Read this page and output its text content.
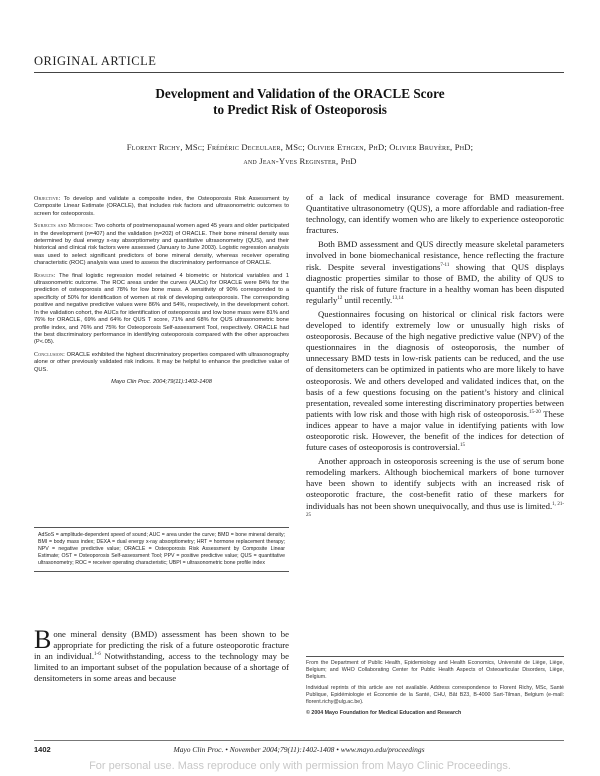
ORIGINAL ARTICLE
Development and Validation of the ORACLE Score
to Predict Risk of Osteoporosis
Florent Richy, MSc; Frédéric Deceulaer, MSc; Olivier Ethgen, PhD; Olivier Bruyère, PhD;
and Jean-Yves Reginster, PhD

Objective: To develop and validate a composite index, the Osteoporosis Risk Assessment by Composite Linear Estimate (ORACLE), that includes risk factors and ultrasonometric outcomes to screen for osteoporosis.

Subjects and Methods: Two cohorts of postmenopausal women aged 45 years and older participated in the development (n=407) and the validation (n=202) of ORACLE. Their bone mineral density was determined by dual energy x-ray absorptiometry and quantitative ultrasonometry (QUS), and their historical and clinical risk factors were assessed (January to June 2003). Logistic regression analysis was used to select significant predictors of bone mineral density, whereas receiver operating characteristic (ROC) analysis was used to assess the discriminatory performance of ORACLE.

Results: The final logistic regression model retained 4 biometric or historical variables and 1 ultrasonometric outcome. The ROC areas under the curves (AUCs) for ORACLE were 84% for the prediction of osteoporosis and 78% for low bone mass. A sensitivity of 90% corresponded to a specificity of 50% for identification of women at risk of developing osteoporosis. The corresponding positive and negative predictive values were 86% and 54%, respectively, in the development cohort. In the validation cohort, the AUCs for identification of osteoporosis and low bone mass were 81% and 76% for ORACLE, 69% and 64% for QUS T score, 71% and 68% for QUS ultrasonometric bone profile index, and 76% and 75% for Osteoporosis Self-assessment Tool, respectively. ORACLE had the best discriminatory performance in identifying osteoporosis compared with the other approaches (P<.05).

Conclusion: ORACLE exhibited the highest discriminatory properties compared with ultrasonography alone or other previously validated risk indices. It may be helpful to enhance the predictive value of QUS.

Mayo Clin Proc. 2004;79(11):1402-1408
AdSoS = amplitude-dependent speed of sound; AUC = area under the curve; BMD = bone mineral density; BMI = body mass index; DEXA = dual energy x-ray absorptiometry; HRT = hormone replacement therapy; NPV = negative predictive value; ORACLE = Osteoporosis Risk Assessment by Composite Linear Estimate; OST = Osteoporosis Self-assessment Tool; PPV = positive predictive value; QUS = quantitative ultrasonometry; ROC = receiver operating characteristic; UBPI = ultrasonometric bone profile index

Bone mineral density (BMD) assessment has been shown to be appropriate for predicting the risk of a future osteoporotic fracture in an individual.$^{1-6}$ Notwithstanding, access to the technology may be limited to an important subset of the population because of a shortage of densitometers in some areas and because

of a lack of medical insurance coverage for BMD measurement. Quantitative ultrasonometry (QUS), a more affordable and radiation-free technology, can identify women who are likely to experience osteoporotic fractures.

Both BMD assessment and QUS directly measure skeletal parameters involved in bone biomechanical resistance, hence reflecting the fracture risk. Despite several investigations$^{7-11}$ showing that QUS displays diagnostic properties similar to those of BMD, the ability of QUS to quantify the risk of future fracture in a healthy woman has been disputed regularly$^{12}$ until recently.$^{13,14}$

Questionnaires focusing on historical or clinical risk factors were developed to identify extremely low or unusually high risks of osteoporosis. Because of the high negative predictive value (NPV) of the questionnaires in the diagnosis of osteoporosis, the number of unnecessary BMD tests in low-risk patients can be reduced, and the use of densitometers can be optimized in patients who are more likely to have osteoporosis. We and others developed and validated indices that, on the basis of a few questions focusing on the patient’s history and clinical presentation, revealed some interesting discriminatory properties between patients with low risk and those with high risk of osteoporosis.$^{15-20}$ These indices appear to have a major value in identifying patients with low osteoporotic risk. However, the benefit of the indices for detection of future cases of osteoporosis is controversial.$^{15}$

Another approach in osteoporosis screening is the use of serum bone remodeling markers. Although biochemical markers of bone turnover have been shown to identify subjects with an increased risk of osteoporotic fracture, the cost-benefit ratio of these markers for individuals has not been shown unequivocally, and thus use is limited.$^{1, 21-25}$

From the Department of Public Health, Epidemiology and Health Economics, Université de Liège, Liège, Belgium; and WHO Collaborating Center for Public Health Aspects of Osteoarticular Disorders, Liège, Belgium.

Individual reprints of this article are not available. Address correspondence to Florent Richy, MSc, Santé Publique, Epidémiologie et Économie de la Santé, CHU, Bât B23, B-4000 Sart-Tilman, Belgium (e-mail: florent.richy@ulg.ac.be).

© 2004 Mayo Foundation for Medical Education and Research

Mayo Clin Proc. • November 2004;79(11):1402-1408 • www.mayo.edu/proceedings
1402
For personal use. Mass reproduce only with permission from Mayo Clinic Proceedings.
